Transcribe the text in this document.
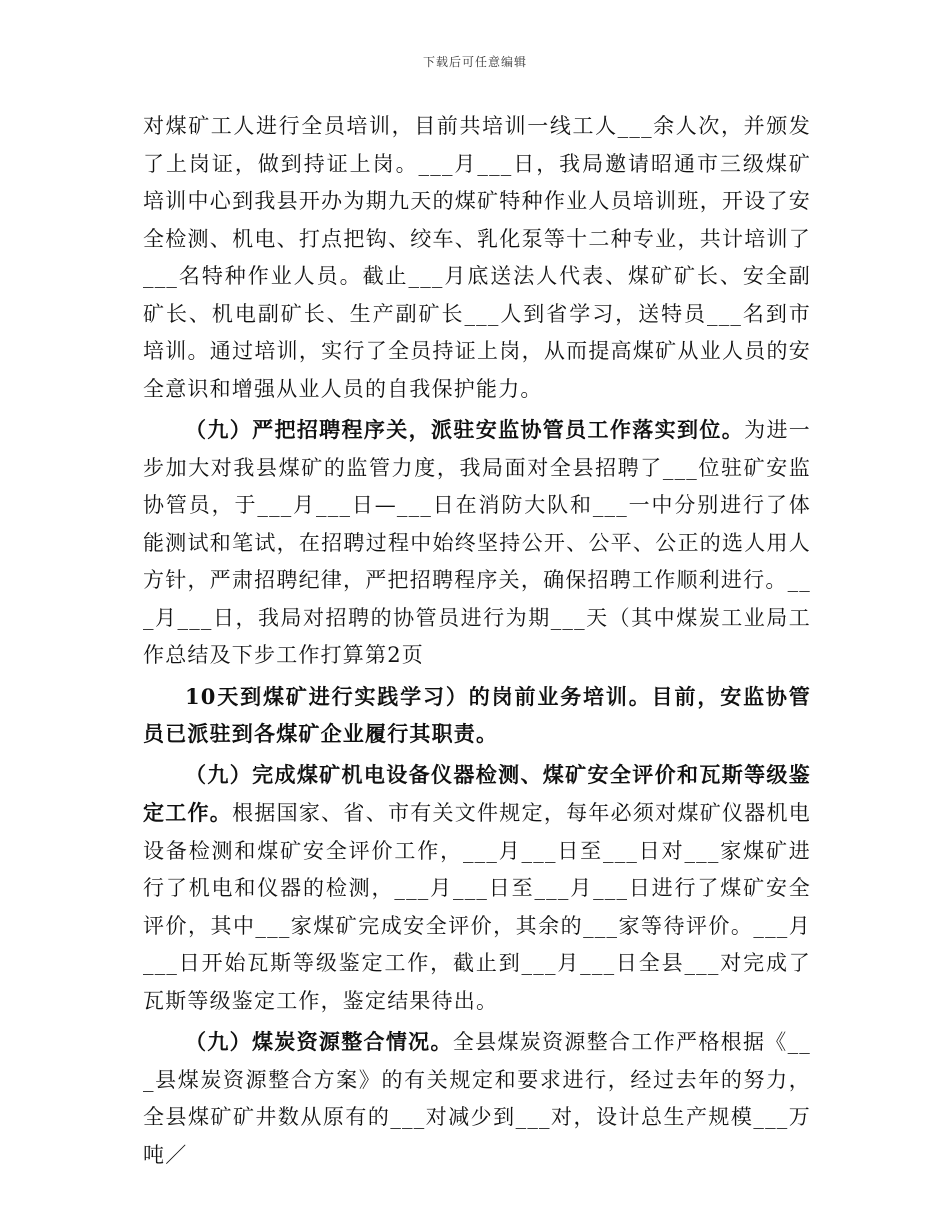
下载后可任意编辑

对煤矿工人进行全员培训，目前共培训一线工人___余人次，并颁发了上岗证，做到持证上岗。___月___日，我局邀请昭通市三级煤矿培训中心到我县开办为期九天的煤矿特种作业人员培训班，开设了安全检测、机电、打点把钩、绞车、乳化泵等十二种专业，共计培训了___名特种作业人员。截止___月底送法人代表、煤矿矿长、安全副矿长、机电副矿长、生产副矿长___人到省学习，送特员___名到市培训。通过培训，实行了全员持证上岗，从而提高煤矿从业人员的安全意识和增强从业人员的自我保护能力。

（九）严把招聘程序关，派驻安监协管员工作落实到位。为进一步加大对我县煤矿的监管力度，我局面对全县招聘了___位驻矿安监协管员，于___月___日—___日在消防大队和___一中分别进行了体能测试和笔试，在招聘过程中始终坚持公开、公平、公正的选人用人方针，严肃招聘纪律，严把招聘程序关，确保招聘工作顺利进行。___月___日，我局对招聘的协管员进行为期___天（其中煤炭工业局工作总结及下步工作打算第2页

10天到煤矿进行实践学习）的岗前业务培训。目前，安监协管员已派驻到各煤矿企业履行其职责。

（九）完成煤矿机电设备仪器检测、煤矿安全评价和瓦斯等级鉴定工作。根据国家、省、市有关文件规定，每年必须对煤矿仪器机电设备检测和煤矿安全评价工作，___月___日至___日对___家煤矿进行了机电和仪器的检测，___月___日至___月___日进行了煤矿安全评价，其中___家煤矿完成安全评价，其余的___家等待评价。___月___日开始瓦斯等级鉴定工作，截止到___月___日全县___对完成了瓦斯等级鉴定工作，鉴定结果待出。

（九）煤炭资源整合情况。全县煤炭资源整合工作严格根据《___县煤炭资源整合方案》的有关规定和要求进行，经过去年的努力，全县煤矿矿井数从原有的___对减少到___对，设计总生产规模___万吨／
